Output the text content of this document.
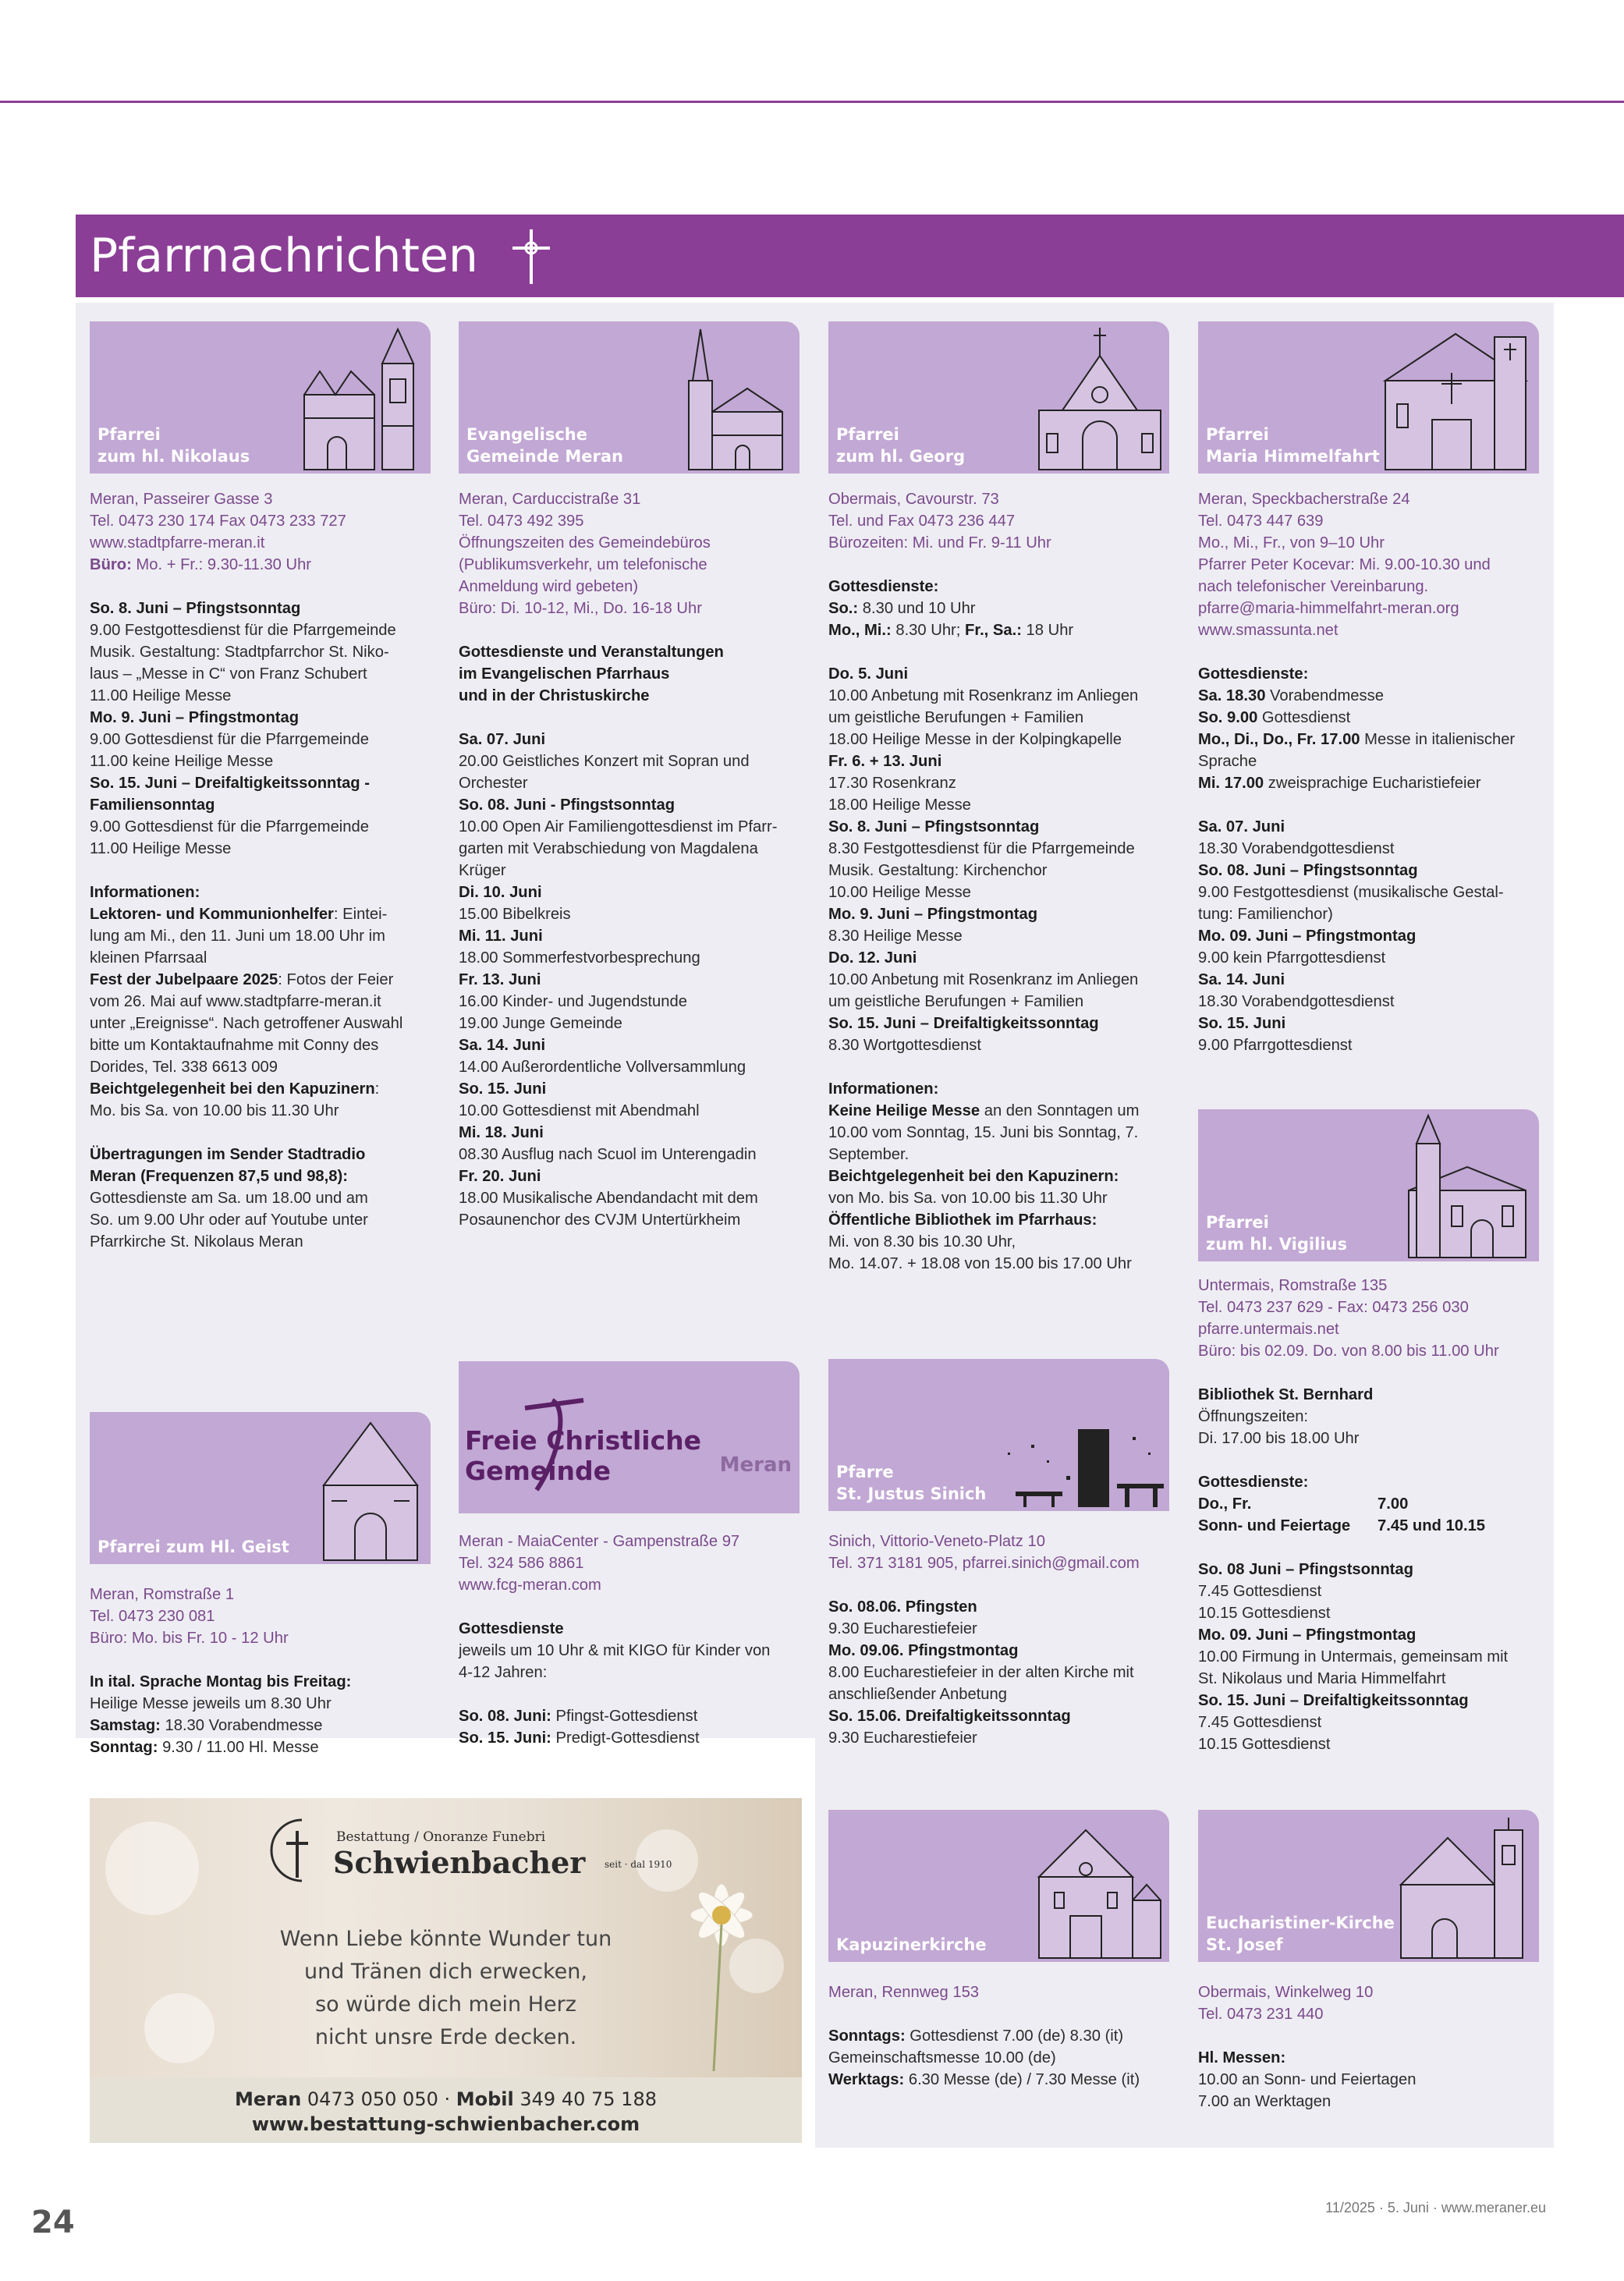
Pfarrnachrichten
Pfarrei
zum hl. Nikolaus
Evangelische
Gemeinde Meran
Pfarrei
zum hl. Georg
Pfarrei
Maria Himmelfahrt

Meran, Passeirer Gasse 3

Tel. 0473 230 174 Fax 0473 233 727

www.stadtpfarre-meran.it

Büro: Mo. + Fr.: 9.30-11.30 Uhr

So. 8. Juni – Pfingstsonntag

9.00 Festgottesdienst für die Pfarrgemeinde

Musik. Gestaltung: Stadtpfarrchor St. Niko-

laus – „Messe in C“ von Franz Schubert

11.00 Heilige Messe

Mo. 9. Juni – Pfingstmontag

9.00 Gottesdienst für die Pfarrgemeinde

11.00 keine Heilige Messe

So. 15. Juni – Dreifaltigkeitssonntag -

Familiensonntag

9.00 Gottesdienst für die Pfarrgemeinde

11.00 Heilige Messe

Informationen:

Lektoren- und Kommunionhelfer: Eintei-

lung am Mi., den 11. Juni um 18.00 Uhr im

kleinen Pfarrsaal

Fest der Jubelpaare 2025: Fotos der Feier

vom 26. Mai auf www.stadtpfarre-meran.it

unter „Ereignisse“. Nach getroffener Auswahl

bitte um Kontaktaufnahme mit Conny des

Dorides, Tel. 338 6613 009

Beichtgelegenheit bei den Kapuzinern:

Mo. bis Sa. von 10.00 bis 11.30 Uhr

Übertragungen im Sender Stadtradio

Meran (Frequenzen 87,5 und 98,8):

Gottesdienste am Sa. um 18.00 und am

So. um 9.00 Uhr oder auf Youtube unter

Pfarrkirche St. Nikolaus Meran

Meran, Carduccistraße 31

Tel. 0473 492 395

Öffnungszeiten des Gemeindebüros

(Publikumsverkehr, um telefonische

Anmeldung wird gebeten)

Büro: Di. 10-12, Mi., Do. 16-18 Uhr

Gottesdienste und Veranstaltungen

im Evangelischen Pfarrhaus

und in der Christuskirche

Sa. 07. Juni

20.00 Geistliches Konzert mit Sopran und

Orchester

So. 08. Juni - Pfingstsonntag

10.00 Open Air Familiengottesdienst im Pfarr-

garten mit Verabschiedung von Magdalena

Krüger

Di. 10. Juni

15.00 Bibelkreis

Mi. 11. Juni

18.00 Sommerfestvorbesprechung

Fr. 13. Juni

16.00 Kinder- und Jugendstunde

19.00 Junge Gemeinde

Sa. 14. Juni

14.00 Außerordentliche Vollversammlung

So. 15. Juni

10.00 Gottesdienst mit Abendmahl

Mi. 18. Juni

08.30 Ausflug nach Scuol im Unterengadin

Fr. 20. Juni

18.00 Musikalische Abendandacht mit dem

Posaunenchor des CVJM Untertürkheim

Obermais, Cavourstr. 73

Tel. und Fax 0473 236 447

Bürozeiten: Mi. und Fr. 9-11 Uhr

Gottesdienste:

So.: 8.30 und 10 Uhr

Mo., Mi.: 8.30 Uhr; Fr., Sa.: 18 Uhr

Do. 5. Juni

10.00 Anbetung mit Rosenkranz im Anliegen

um geistliche Berufungen + Familien

18.00 Heilige Messe in der Kolpingkapelle

Fr. 6. + 13. Juni

17.30 Rosenkranz

18.00 Heilige Messe

So. 8. Juni – Pfingstsonntag

8.30 Festgottesdienst für die Pfarrgemeinde

Musik. Gestaltung: Kirchenchor

10.00 Heilige Messe

Mo. 9. Juni – Pfingstmontag

8.30 Heilige Messe

Do. 12. Juni

10.00 Anbetung mit Rosenkranz im Anliegen

um geistliche Berufungen + Familien

So. 15. Juni – Dreifaltigkeitssonntag

8.30 Wortgottesdienst

Informationen:

Keine Heilige Messe an den Sonntagen um

10.00 vom Sonntag, 15. Juni bis Sonntag, 7.

September.

Beichtgelegenheit bei den Kapuzinern:

von Mo. bis Sa. von 10.00 bis 11.30 Uhr

Öffentliche Bibliothek im Pfarrhaus:

Mi. von 8.30 bis 10.30 Uhr,

Mo. 14.07. + 18.08 von 15.00 bis 17.00 Uhr

Meran, Speckbacherstraße 24

Tel. 0473 447 639

Mo., Mi., Fr., von 9–10 Uhr

Pfarrer Peter Kocevar: Mi. 9.00-10.30 und

nach telefonischer Vereinbarung.

pfarre@maria-himmelfahrt-meran.org

www.smassunta.net

Gottesdienste:

Sa. 18.30 Vorabendmesse

So. 9.00 Gottesdienst

Mo., Di., Do., Fr. 17.00 Messe in italienischer

Sprache

Mi. 17.00 zweisprachige Eucharistiefeier

Sa. 07. Juni

18.30 Vorabendgottesdienst

So. 08. Juni – Pfingstsonntag

9.00 Festgottesdienst (musikalische Gestal-

tung: Familienchor)

Mo. 09. Juni – Pfingstmontag

9.00 kein Pfarrgottesdienst

Sa. 14. Juni

18.30 Vorabendgottesdienst

So. 15. Juni

9.00 Pfarrgottesdienst

Pfarrei
zum hl. Vigilius

Untermais, Romstraße 135

Tel. 0473 237 629 - Fax: 0473 256 030

pfarre.untermais.net

Büro: bis 02.09. Do. von 8.00 bis 11.00 Uhr

Bibliothek St. Bernhard

Öffnungszeiten:

Di. 17.00 bis 18.00 Uhr

Gottesdienste:

Do., Fr.	7.00

Sonn- und Feiertage 7.45 und 10.15

So. 08 Juni – Pfingstsonntag

7.45 Gottesdienst

10.15 Gottesdienst

Mo. 09. Juni – Pfingstmontag

10.00 Firmung in Untermais, gemeinsam mit

St. Nikolaus und Maria Himmelfahrt

So. 15. Juni – Dreifaltigkeitssonntag

7.45 Gottesdienst

10.15 Gottesdienst

Pfarrei zum Hl. Geist
Freie Christliche Gemeinde	Meran	Pfarre
St. Justus Sinich

Meran, Romstraße 1

Tel. 0473 230 081

Büro: Mo. bis Fr. 10 - 12 Uhr

In ital. Sprache Montag bis Freitag:

Heilige Messe jeweils um 8.30 Uhr

Samstag: 18.30 Vorabendmesse

Sonntag: 9.30 / 11.00 Hl. Messe

Meran - MaiaCenter - Gampenstraße 97

Tel. 324 586 8861

www.fcg-meran.com

Gottesdienste

jeweils um 10 Uhr & mit KIGO für Kinder von

4-12 Jahren:

So. 08. Juni: Pfingst-Gottesdienst

So. 15. Juni: Predigt-Gottesdienst

Sinich, Vittorio-Veneto-Platz 10

Tel. 371 3181 905, pfarrei.sinich@gmail.com

So. 08.06. Pfingsten

9.30 Eucharestiefeier

Mo. 09.06. Pfingstmontag

8.00 Eucharestiefeier in der alten Kirche mit

anschließender Anbetung

So. 15.06. Dreifaltigkeitssonntag

9.30 Eucharestiefeier

Bestattung / Onoranze Funebri
Schwienbacher seit · dal 1910
Wenn Liebe könnte Wunder tun
und Tränen dich erwecken,
so würde dich mein Herz
nicht unsre Erde decken.
Meran 0473 050 050 · Mobil 349 40 75 188
www.bestattung-schwienbacher.com
Kapuzinerkirche
Eucharistiner-Kirche
St. Josef

Meran, Rennweg 153

Sonntags: Gottesdienst 7.00 (de) 8.30 (it)

Gemeinschaftsmesse 10.00 (de)

Werktags: 6.30 Messe (de) / 7.30 Messe (it)

Obermais, Winkelweg 10

Tel. 0473 231 440

Hl. Messen:

10.00 an Sonn- und Feiertagen

7.00 an Werktagen

24	11/2025 · 5. Juni · www.meraner.eu
